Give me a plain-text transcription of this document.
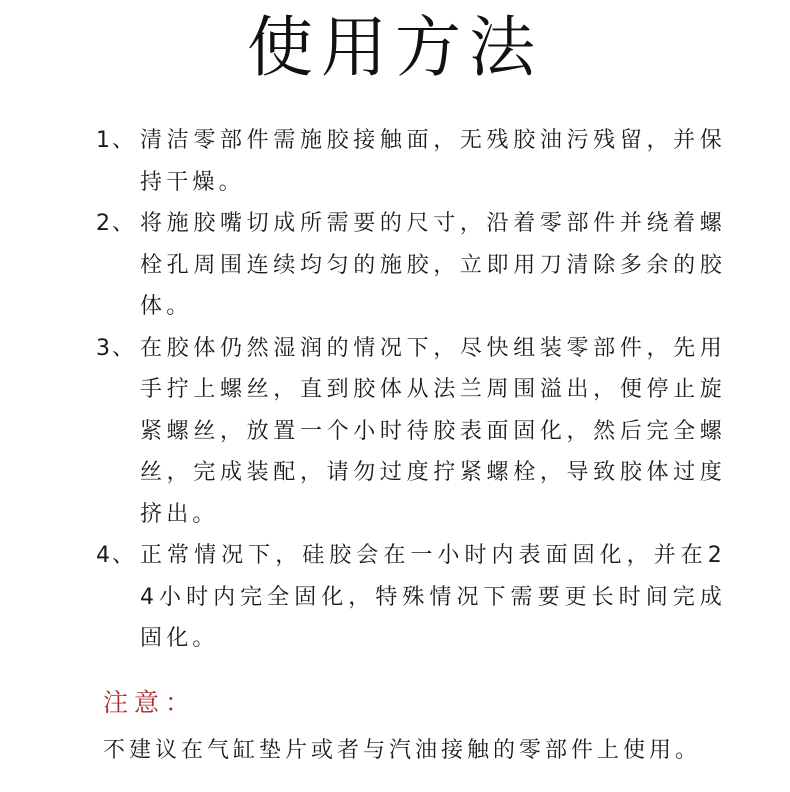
使用方法
1、 清洁零部件需施胶接触面，无残胶油污残留，并保持干燥。
2、 将施胶嘴切成所需要的尺寸，沿着零部件并绕着螺栓孔周围连续均匀的施胶，立即用刀清除多余的胶体。
3、 在胶体仍然湿润的情况下，尽快组装零部件，先用手拧上螺丝，直到胶体从法兰周围溢出，便停止旋紧螺丝，放置一个小时待胶表面固化，然后完全螺丝，完成装配，请勿过度拧紧螺栓，导致胶体过度挤出。
4、 正常情况下，硅胶会在一小时内表面固化，并在24小时内完全固化，特殊情况下需要更长时间完成固化。
注意：

不建议在气缸垫片或者与汽油接触的零部件上使用。
